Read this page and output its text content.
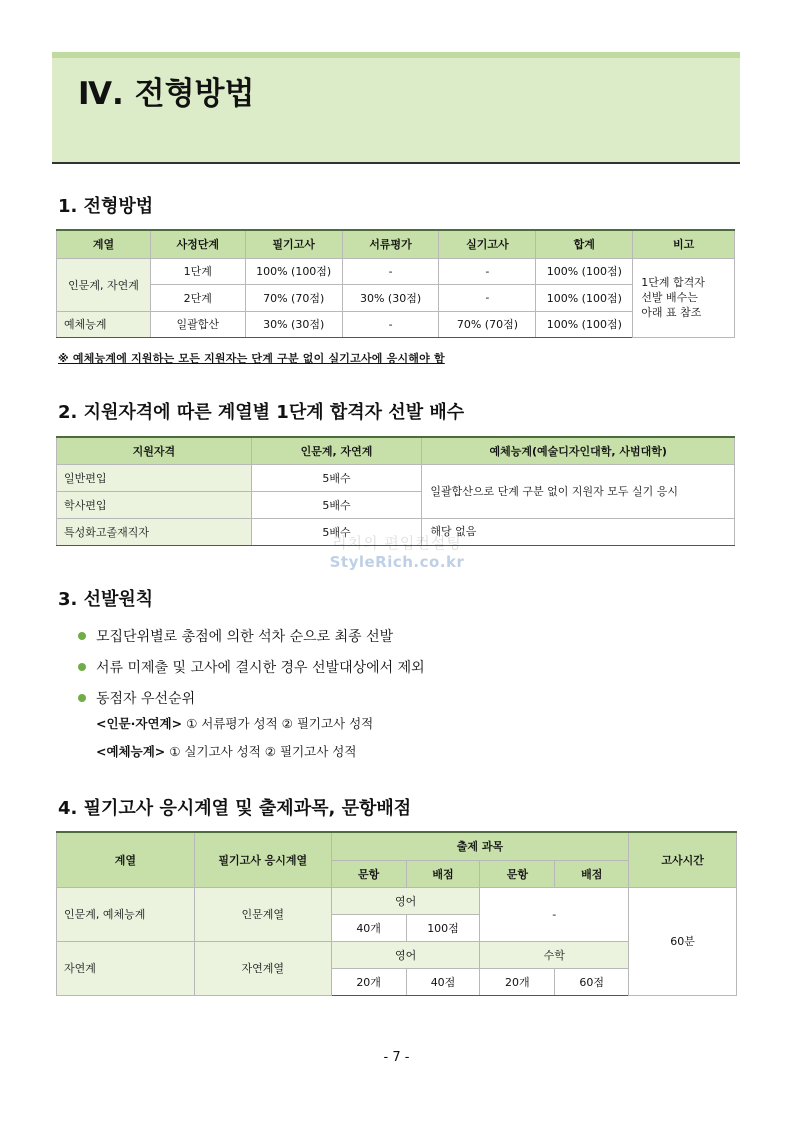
Ⅳ. 전형방법
1. 전형방법
계열	사정단계	필기고사	서류평가	실기고사	합계	비고
인문계, 자연계	1단계	100% (100점)	-	-	100% (100점)	1단계 합격자
선발 배수는
아래 표 참조

	2단계	70% (70점)	30% (30점)	-	100% (100점)	
예체능계	일괄합산	30% (30점)	-	70% (70점)	100% (100점)	
※ 예체능계에 지원하는 모든 지원자는 단계 구분 없이 실기고사에 응시해야 함
2. 지원자격에 따른 계열별 1단계 합격자 선발 배수
지원자격	인문계, 자연계	예체능계(예술디자인대학, 사범대학)
일반편입	5배수	일괄합산으로 단계 구분 없이 지원자 모두 실기 응시
학사편입	5배수	
특성화고졸재직자	5배수	해당 없음
리치의 편입컨설팅
StyleRich.co.kr
3. 선발원칙
모집단위별로 총점에 의한 석차 순으로 최종 선발
서류 미제출 및 고사에 결시한 경우 선발대상에서 제외
동점자 우선순위
<인문·자연계> ① 서류평가 성적 ② 필기고사 성적
<예체능계> ① 실기고사 성적 ② 필기고사 성적
4. 필기고사 응시계열 및 출제과목, 문항배점
계열	필기고사 응시계열	출제 과목				고사시간
		문항	배점	문항	배점	
인문계, 예체능계	인문계열	영어		-		60분
		40개	100점			
자연계	자연계열	영어		수학		
		20개	40점	20개	60점	
- 7 -
